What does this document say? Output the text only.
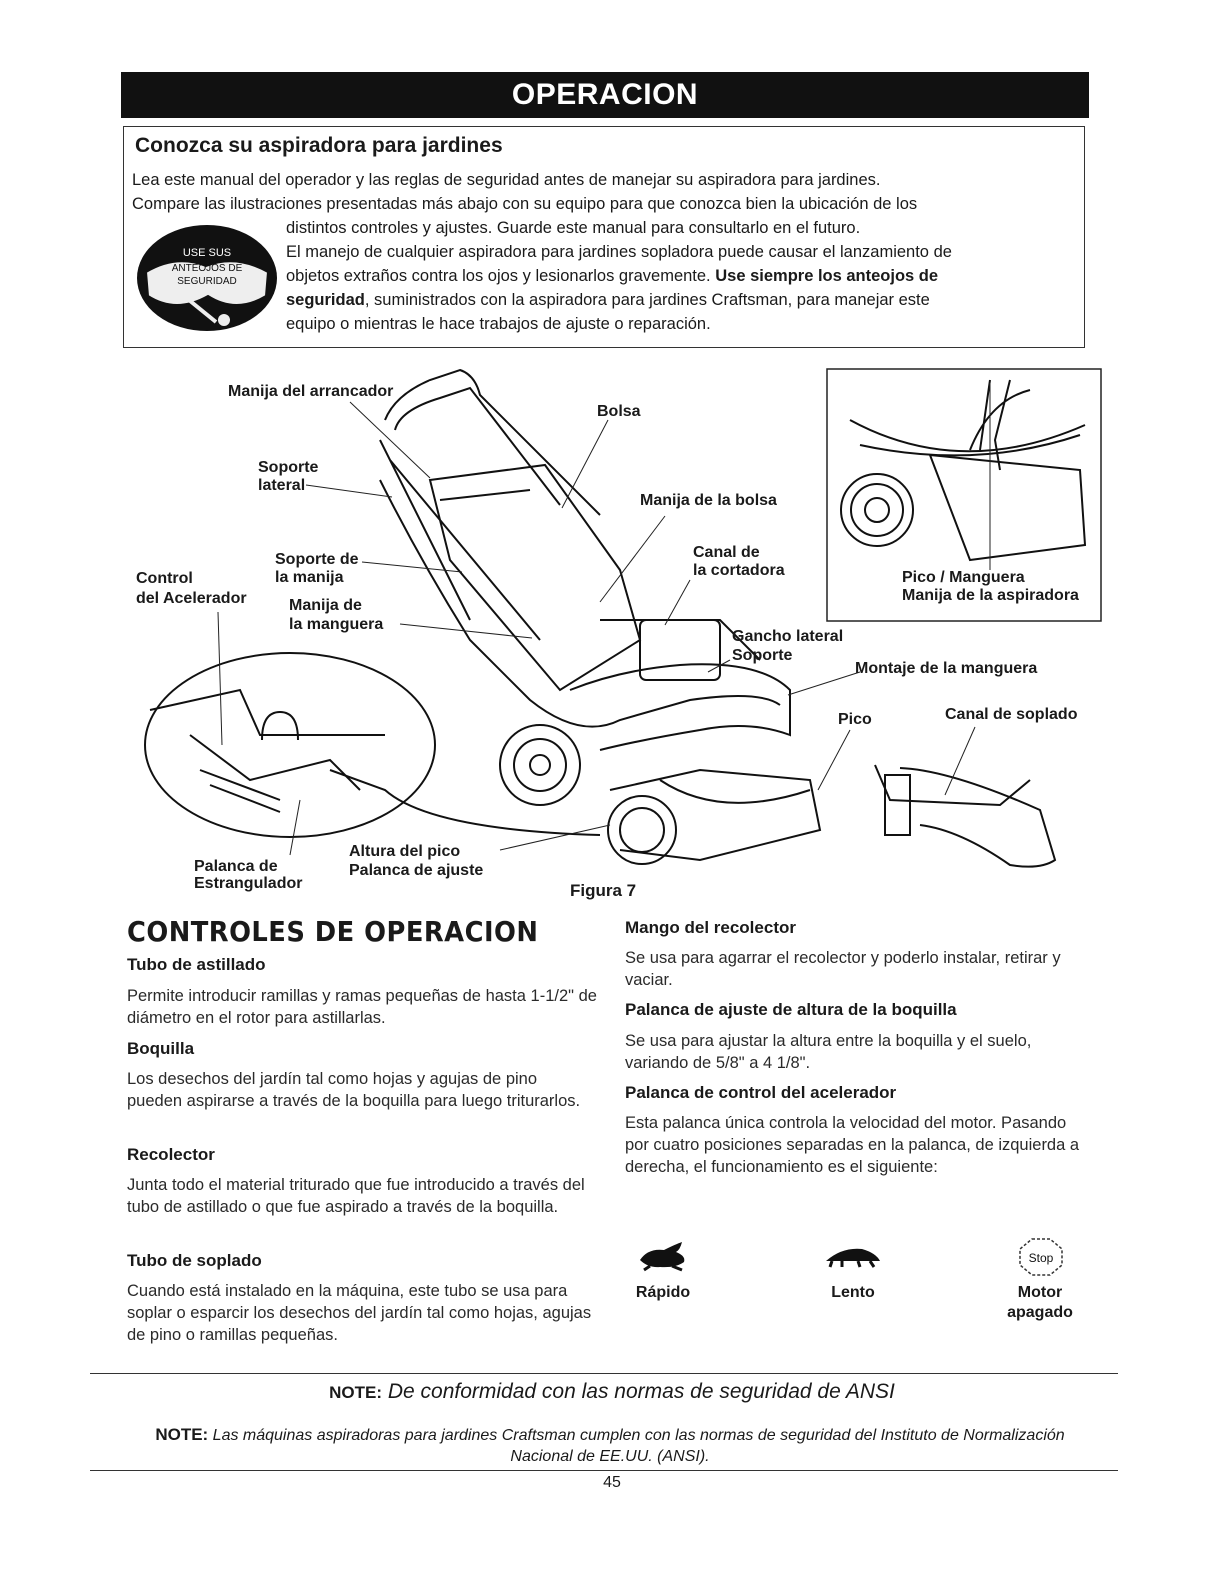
OPERACION
Conozca su aspiradora para jardines
Lea este manual del operador y las reglas de seguridad antes de manejar su aspiradora para jardines.
Compare las ilustraciones presentadas más abajo con su equipo para que conozca bien la ubicación de los
distintos controles y ajustes. Guarde este manual para consultarlo en el futuro.
El manejo de cualquier aspiradora para jardines sopladora puede causar el lanzamiento de
objetos extraños contra los ojos y lesionarlos gravemente. Use siempre los anteojos de
seguridad, suministrados con la aspiradora para jardines Craftsman, para manejar este
equipo o mientras le hace trabajos de ajuste o reparación.
USE SUS
ANTEOJOS DE
SEGURIDAD
Manija del arrancador
Bolsa
Soporte
lateral
Manija de la bolsa
Soporte de
la manija
Control
del Acelerador	Manija de
la manguera
Canal de
la cortadora	Pico / Manguera
Manija de la aspiradora
Gancho lateral
Soporte
Montaje de la manguera
Pico	Canal de soplado
Altura del pico
Palanca de ajuste
Palanca de
Estrangulador	Figura 7
CONTROLES DE OPERACION
Tubo de astillado
Permite introducir ramillas y ramas pequeñas de hasta 1-1/2" de diámetro en el rotor para astillarlas.
Boquilla
Los desechos del jardín tal como hojas y agujas de pino pueden aspirarse a través de la boquilla para luego triturarlos.
Recolector
Junta todo el material triturado que fue introducido a través del tubo de astillado o que fue aspirado a través de la boquilla.
Tubo de soplado
Cuando está instalado en la máquina, este tubo se usa para soplar o esparcir los desechos del jardín tal como hojas, agujas de pino o ramillas pequeñas.
Mango del recolector
Se usa para agarrar el recolector y poderlo instalar, retirar y vaciar.
Palanca de ajuste de altura de la boquilla
Se usa para ajustar la altura entre la boquilla y el suelo, variando de 5/8" a 4 1/8".
Palanca de control del acelerador
Esta palanca única controla la velocidad del motor. Pasando por cuatro posiciones separadas en la palanca, de izquierda a derecha, el funcionamiento es el siguiente:
Stop
Rápido	Lento	Motor
apagado
NOTE: De conformidad con las normas de seguridad de ANSI
NOTE: Las máquinas aspiradoras para jardines Craftsman cumplen con las normas de seguridad del Instituto de Normalización Nacional de EE.UU. (ANSI).
45
